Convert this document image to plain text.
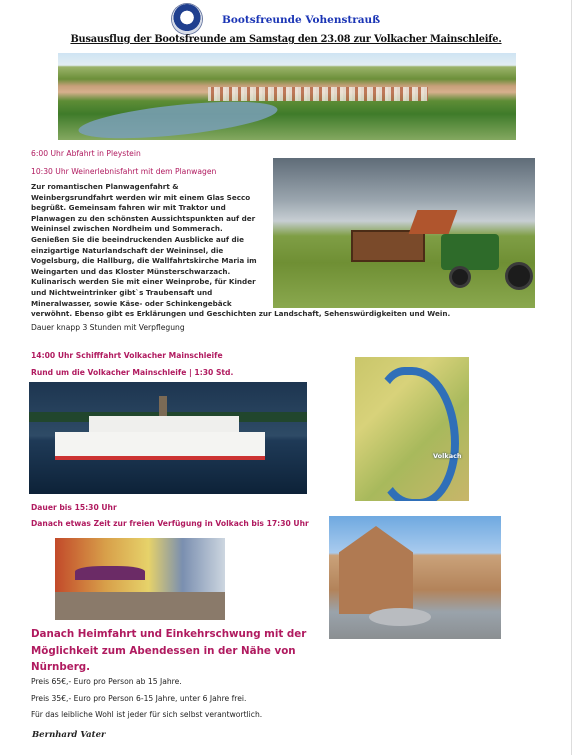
Bootsfreunde Vohenstrauß
Busausflug der Bootsfreunde am Samstag den 23.08 zur Volkacher Mainschleife.
6:00 Uhr Abfahrt in Pleystein
10:30 Uhr Weinerlebnisfahrt mit dem Planwagen
Zur romantischen Planwagenfahrt &
Weinbergsrundfahrt werden wir mit einem Glas Secco
begrüßt. Gemeinsam fahren wir mit Traktor und
Planwagen zu den schönsten Aussichtspunkten auf der
Weininsel zwischen Nordheim und Sommerach.
Genießen Sie die beeindruckenden Ausblicke auf die
einzigartige Naturlandschaft der Weininsel, die
Vogelsburg, die Hallburg, die Wallfahrtskirche Maria im
Weingarten und das Kloster Münsterschwarzach.
Kulinarisch werden Sie mit einer Weinprobe, für Kinder
und Nichtweintrinker gibt`s Traubensaft und
Mineralwasser, sowie Käse- oder Schinkengebäck
verwöhnt. Ebenso gibt es Erklärungen und Geschichten zur Landschaft, Sehenswürdigkeiten und Wein.
Dauer knapp 3 Stunden mit Verpflegung
14:00 Uhr Schifffahrt Volkacher Mainschleife
Rund um die Volkacher Mainschleife | 1:30 Std.
Volkach
Dauer bis 15:30 Uhr
Danach etwas Zeit zur freien Verfügung in Volkach bis 17:30 Uhr
Danach Heimfahrt und Einkehrschwung mit der Möglichkeit zum Abendessen in der Nähe von Nürnberg.
Preis 65€,- Euro pro Person ab 15 Jahre.
Preis 35€,- Euro pro Person 6-15 Jahre, unter 6 Jahre frei.
Für das leibliche Wohl ist jeder für sich selbst verantwortlich.
Bernhard Vater
